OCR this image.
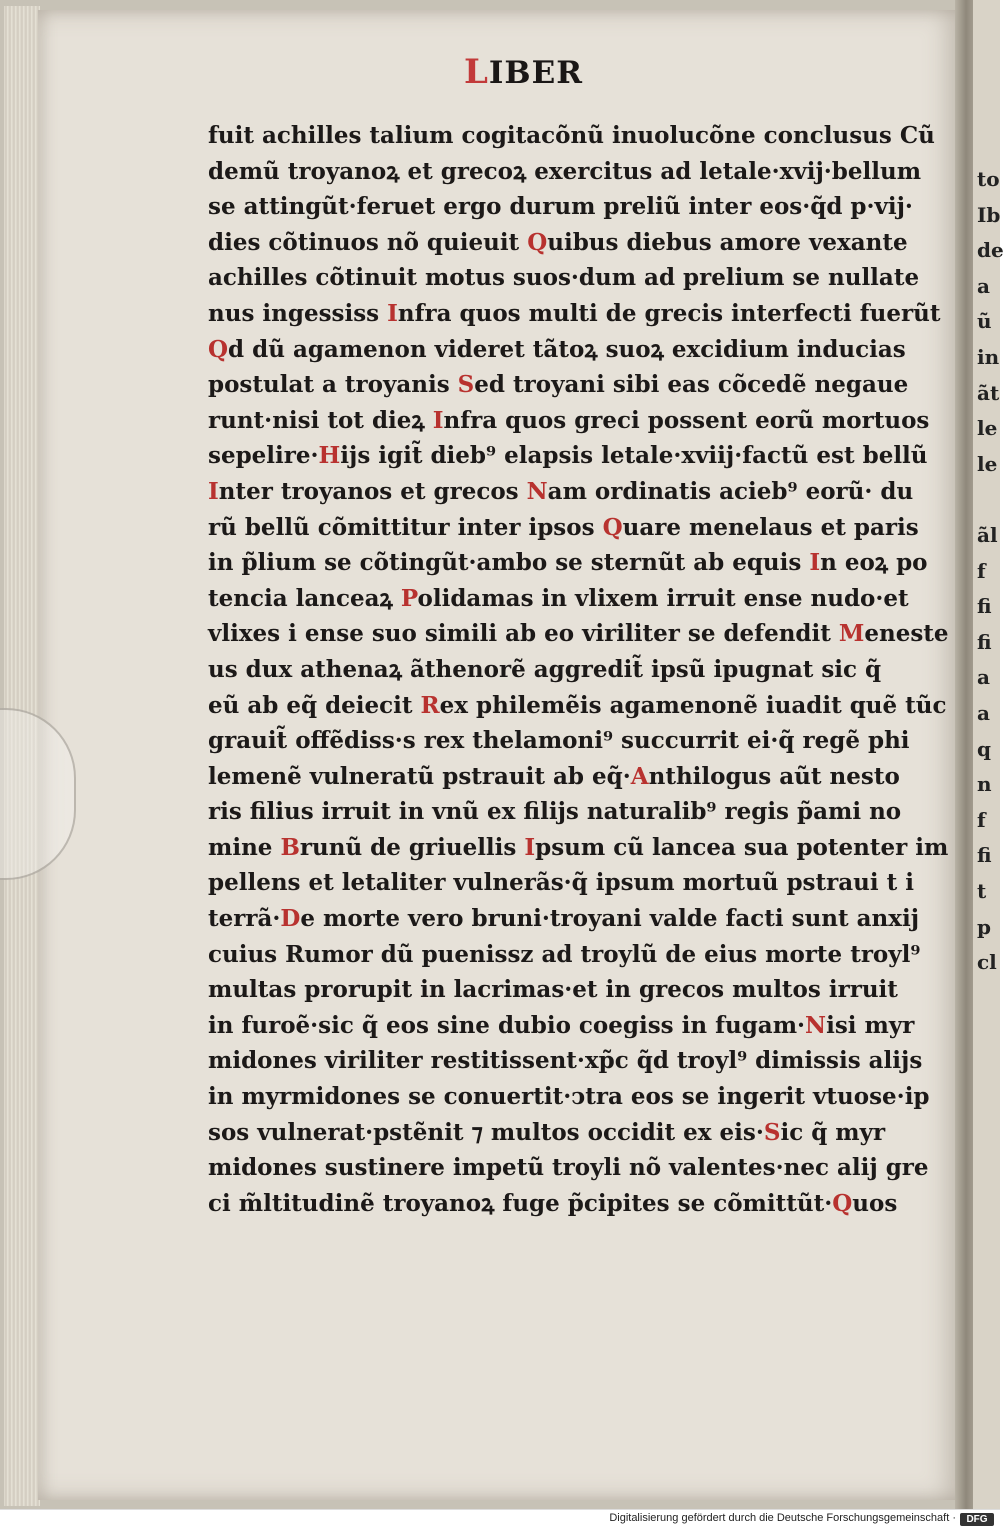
to
Ib
de
a
ũ
in
ãt
le
le
ãl
f
fi
fi
a
a
q
n
f
fi
t
p
cl
LIBER
fuit achilles talium cogitacõnũ inuolucõne conclusus Cũ
demũ troyanoꝝ et grecoꝝ exercitus ad letale·xvij·bellum
se attingũt·feruet ergo durum preliũ inter eos·q̃d p·vij·
dies cõtinuos nõ quieuit Quibus diebus amore vexante
achilles cõtinuit motus suos·dum ad prelium se nullate
nus ingessiss Infra quos multi de grecis interfecti fuerũt
Qd dũ agamenon videret tãtoꝝ suoꝝ excidium inducias
postulat a troyanis Sed troyani sibi eas cõcedẽ negaue
runt·nisi tot dieꝝ Infra quos greci possent eorũ mortuos
sepelire·Hijs igit̃ dieb⁹ elapsis letale·xviij·factũ est bellũ
Inter troyanos et grecos Nam ordinatis acieb⁹ eorũ· du
rũ bellũ cõmittitur inter ipsos Quare menelaus et paris
in p̃lium se cõtingũt·ambo se sternũt ab equis In eoꝝ po
tencia lanceaꝝ Polidamas in vlixem irruit ense nudo·et
vlixes i ense suo simili ab eo viriliter se defendit Meneste
us dux athenaꝝ ãthenorẽ aggredit̃ ipsũ ipugnat sic q̃
eũ ab eq̃ deiecit Rex philemẽis agamenonẽ iuadit quẽ tũc
grauit̃ offẽdiss·s rex thelamoni⁹ succurrit ei·q̃ regẽ phi
lemenẽ vulneratũ pstrauit ab eq̃·Anthilogus aũt nesto
ris filius irruit in vnũ ex filijs naturalib⁹ regis p̃ami no
mine Brunũ de griuellis Ipsum cũ lancea sua potenter im
pellens et letaliter vulnerãs·q̃ ipsum mortuũ pstraui t i
terrã·De morte vero bruni·troyani valde facti sunt anxij
cuius Rumor dũ puenissz ad troylũ de eius morte troyl⁹
multas prorupit in lacrimas·et in grecos multos irruit
in furoẽ·sic q̃ eos sine dubio coegiss in fugam·Nisi myr
midones viriliter restitissent·xp̃c q̃d troyl⁹ dimissis alijs
in myrmidones se conuertit·ↄtra eos se ingerit vtuose·ip
sos vulnerat·pstẽnit ⁊ multos occidit ex eis·Sic q̃ myr
midones sustinere impetũ troyli nõ valentes·nec alij gre
ci m̃ltitudinẽ troyanoꝝ fuge p̃cipites se cõmittũt·Quos
Digitalisierung gefördert durch die Deutsche Forschungsgemeinschaft ·	DFG
